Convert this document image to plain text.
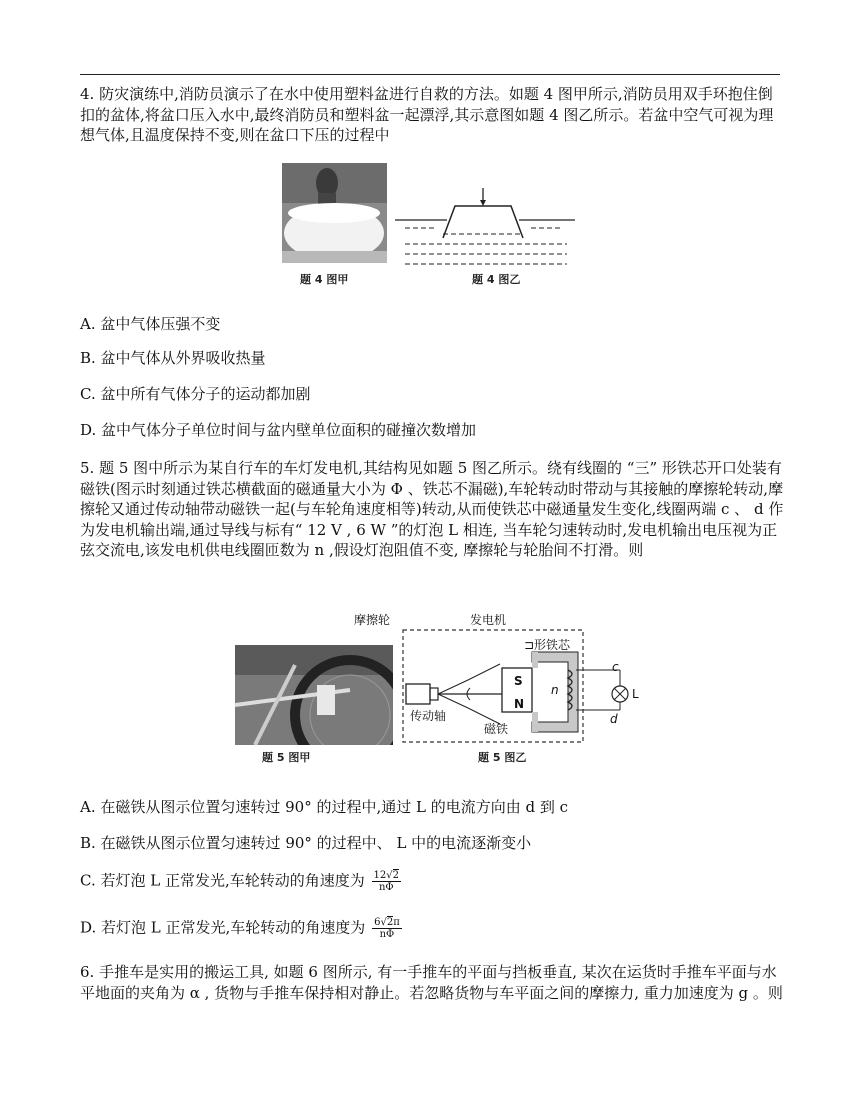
4. 防灾演练中,消防员演示了在水中使用塑料盆进行自救的方法。如题 4 图甲所示,消防员用双手环抱住倒扣的盆体,将盆口压入水中,最终消防员和塑料盆一起漂浮,其示意图如题 4 图乙所示。若盆中空气可视为理想气体,且温度保持不变,则在盆口下压的过程中

题 4 图甲	题 4 图乙

A. 盆中气体压强不变

B. 盆中气体从外界吸收热量

C. 盆中所有气体分子的运动都加剧

D. 盆中气体分子单位时间与盆内壁单位面积的碰撞次数增加

5. 题 5 图中所示为某自行车的车灯发电机,其结构见如题 5 图乙所示。绕有线圈的 “三” 形铁芯开口处装有磁铁(图示时刻通过铁芯横截面的磁通量大小为 Φ 、铁芯不漏磁),车轮转动时带动与其接触的摩擦轮转动,摩擦轮又通过传动轴带动磁铁一起(与车轮角速度相等)转动,从而使铁芯中磁通量发生变化,线圈两端 c 、 d 作为发电机输出端,通过导线与标有“ 12 V , 6 W ”的灯泡 L 相连, 当车轮匀速转动时,发电机输出电压视为正弦交流电,该发电机供电线圈匝数为 n ,假设灯泡阻值不变, 摩擦轮与轮胎间不打滑。则

题 5 图甲
摩擦轮	发电机
⊐形铁芯
传动轴
磁铁
S
N
n
c
d
L
题 5 图乙

A. 在磁铁从图示位置匀速转过 90° 的过程中,通过 L 的电流方向由 d 到 c

B. 在磁铁从图示位置匀速转过 90° 的过程中、 L 中的电流逐渐变小

C. 若灯泡 L 正常发光,车轮转动的角速度为 $\frac{12√2}{n\Phi}$
D. 若灯泡 L 正常发光,车轮转动的角速度为 $\frac{6√2\pi}{n\Phi}$

6. 手推车是实用的搬运工具, 如题 6 图所示, 有一手推车的平面与挡板垂直, 某次在运货时手推车平面与水平地面的夹角为 α , 货物与手推车保持相对静止。若忽略货物与车平面之间的摩擦力, 重力加速度为 g 。则
